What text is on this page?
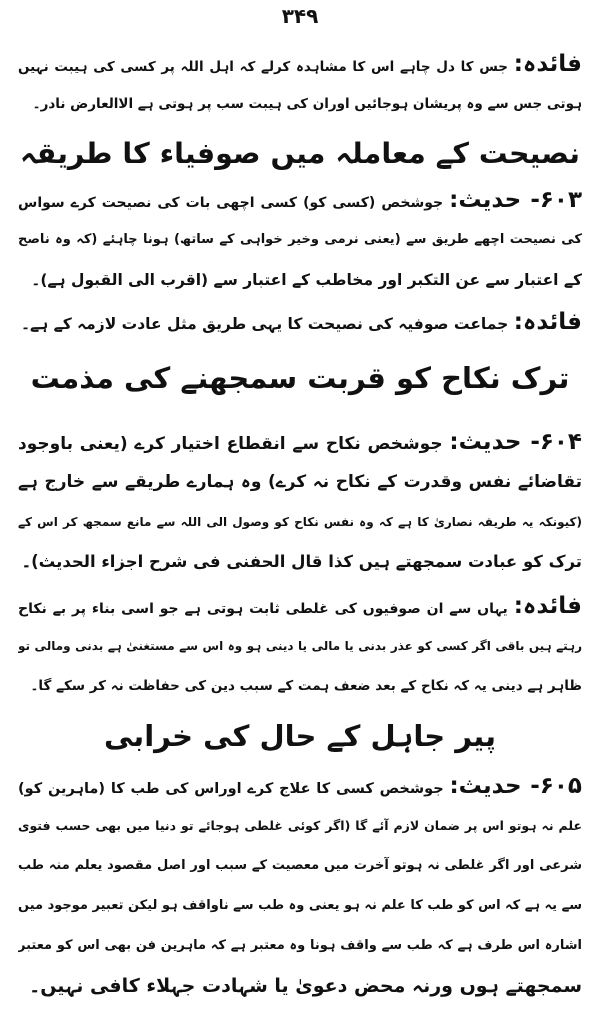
۳۴۹
فائدہ: جس کا دل چاہے اس کا مشاہدہ کرلے کہ اہل اللہ پر کسی کی ہیبت نہیں
ہوتی جس سے وہ پریشان ہوجائیں اوران کی ہیبت سب پر ہوتی ہے الاالعارض نادر۔
نصیحت کے معاملہ میں صوفیاء کا طریقہ
۶۰۳- حدیث: جوشخص (کسی کو) کسی اچھی بات کی نصیحت کرے سواس
کی نصیحت اچھے طریق سے (یعنی نرمی وخیر خواہی کے ساتھ) ہونا چاہئے (کہ وہ ناصح
کے اعتبار سے عن التکبر اور مخاطب کے اعتبار سے (اقرب الی القبول ہے)۔
فائدہ: جماعت صوفیہ کی نصیحت کا یہی طریق مثل عادت لازمہ کے ہے۔
ترک نکاح کو قربت سمجھنے کی مذمت
۶۰۴- حدیث: جوشخص نکاح سے انقطاع اختیار کرے (یعنی باوجود
تقاضائے نفس وقدرت کے نکاح نہ کرے) وہ ہمارے طریقے سے خارج ہے
(کیونکہ یہ طریقہ نصاریٰ کا ہے کہ وہ نفس نکاح کو وصول الی اللہ سے مانع سمجھ کر اس کے
ترک کو عبادت سمجھتے ہیں کذا قال الحفنی فی شرح اجزاء الحدیث)۔
فائدہ: یہاں سے ان صوفیوں کی غلطی ثابت ہوتی ہے جو اسی بناء پر بے نکاح
رہتے ہیں باقی اگر کسی کو عذر بدنی یا مالی یا دینی ہو وہ اس سے مستغنیٰ ہے بدنی ومالی تو
ظاہر ہے دینی یہ کہ نکاح کے بعد ضعف ہمت کے سبب دین کی حفاظت نہ کر سکے گا۔
پیر جاہل کے حال کی خرابی
۶۰۵- حدیث: جوشخص کسی کا علاج کرے اوراس کی طب کا (ماہرین کو)
علم نہ ہوتو اس پر ضمان لازم آئے گا (اگر کوئی غلطی ہوجائے تو دنیا میں بھی حسب فتوی
شرعی اور اگر غلطی نہ ہوتو آخرت میں معصیت کے سبب اور اصل مقصود یعلم منہ طب
سے یہ ہے کہ اس کو طب کا علم نہ ہو یعنی وہ طب سے ناواقف ہو لیکن تعبیر موجود میں
اشارہ اس طرف ہے کہ طب سے واقف ہونا وہ معتبر ہے کہ ماہرین فن بھی اس کو معتبر
سمجھتے ہوں ورنہ محض دعویٰ یا شہادت جہلاء کافی نہیں۔
